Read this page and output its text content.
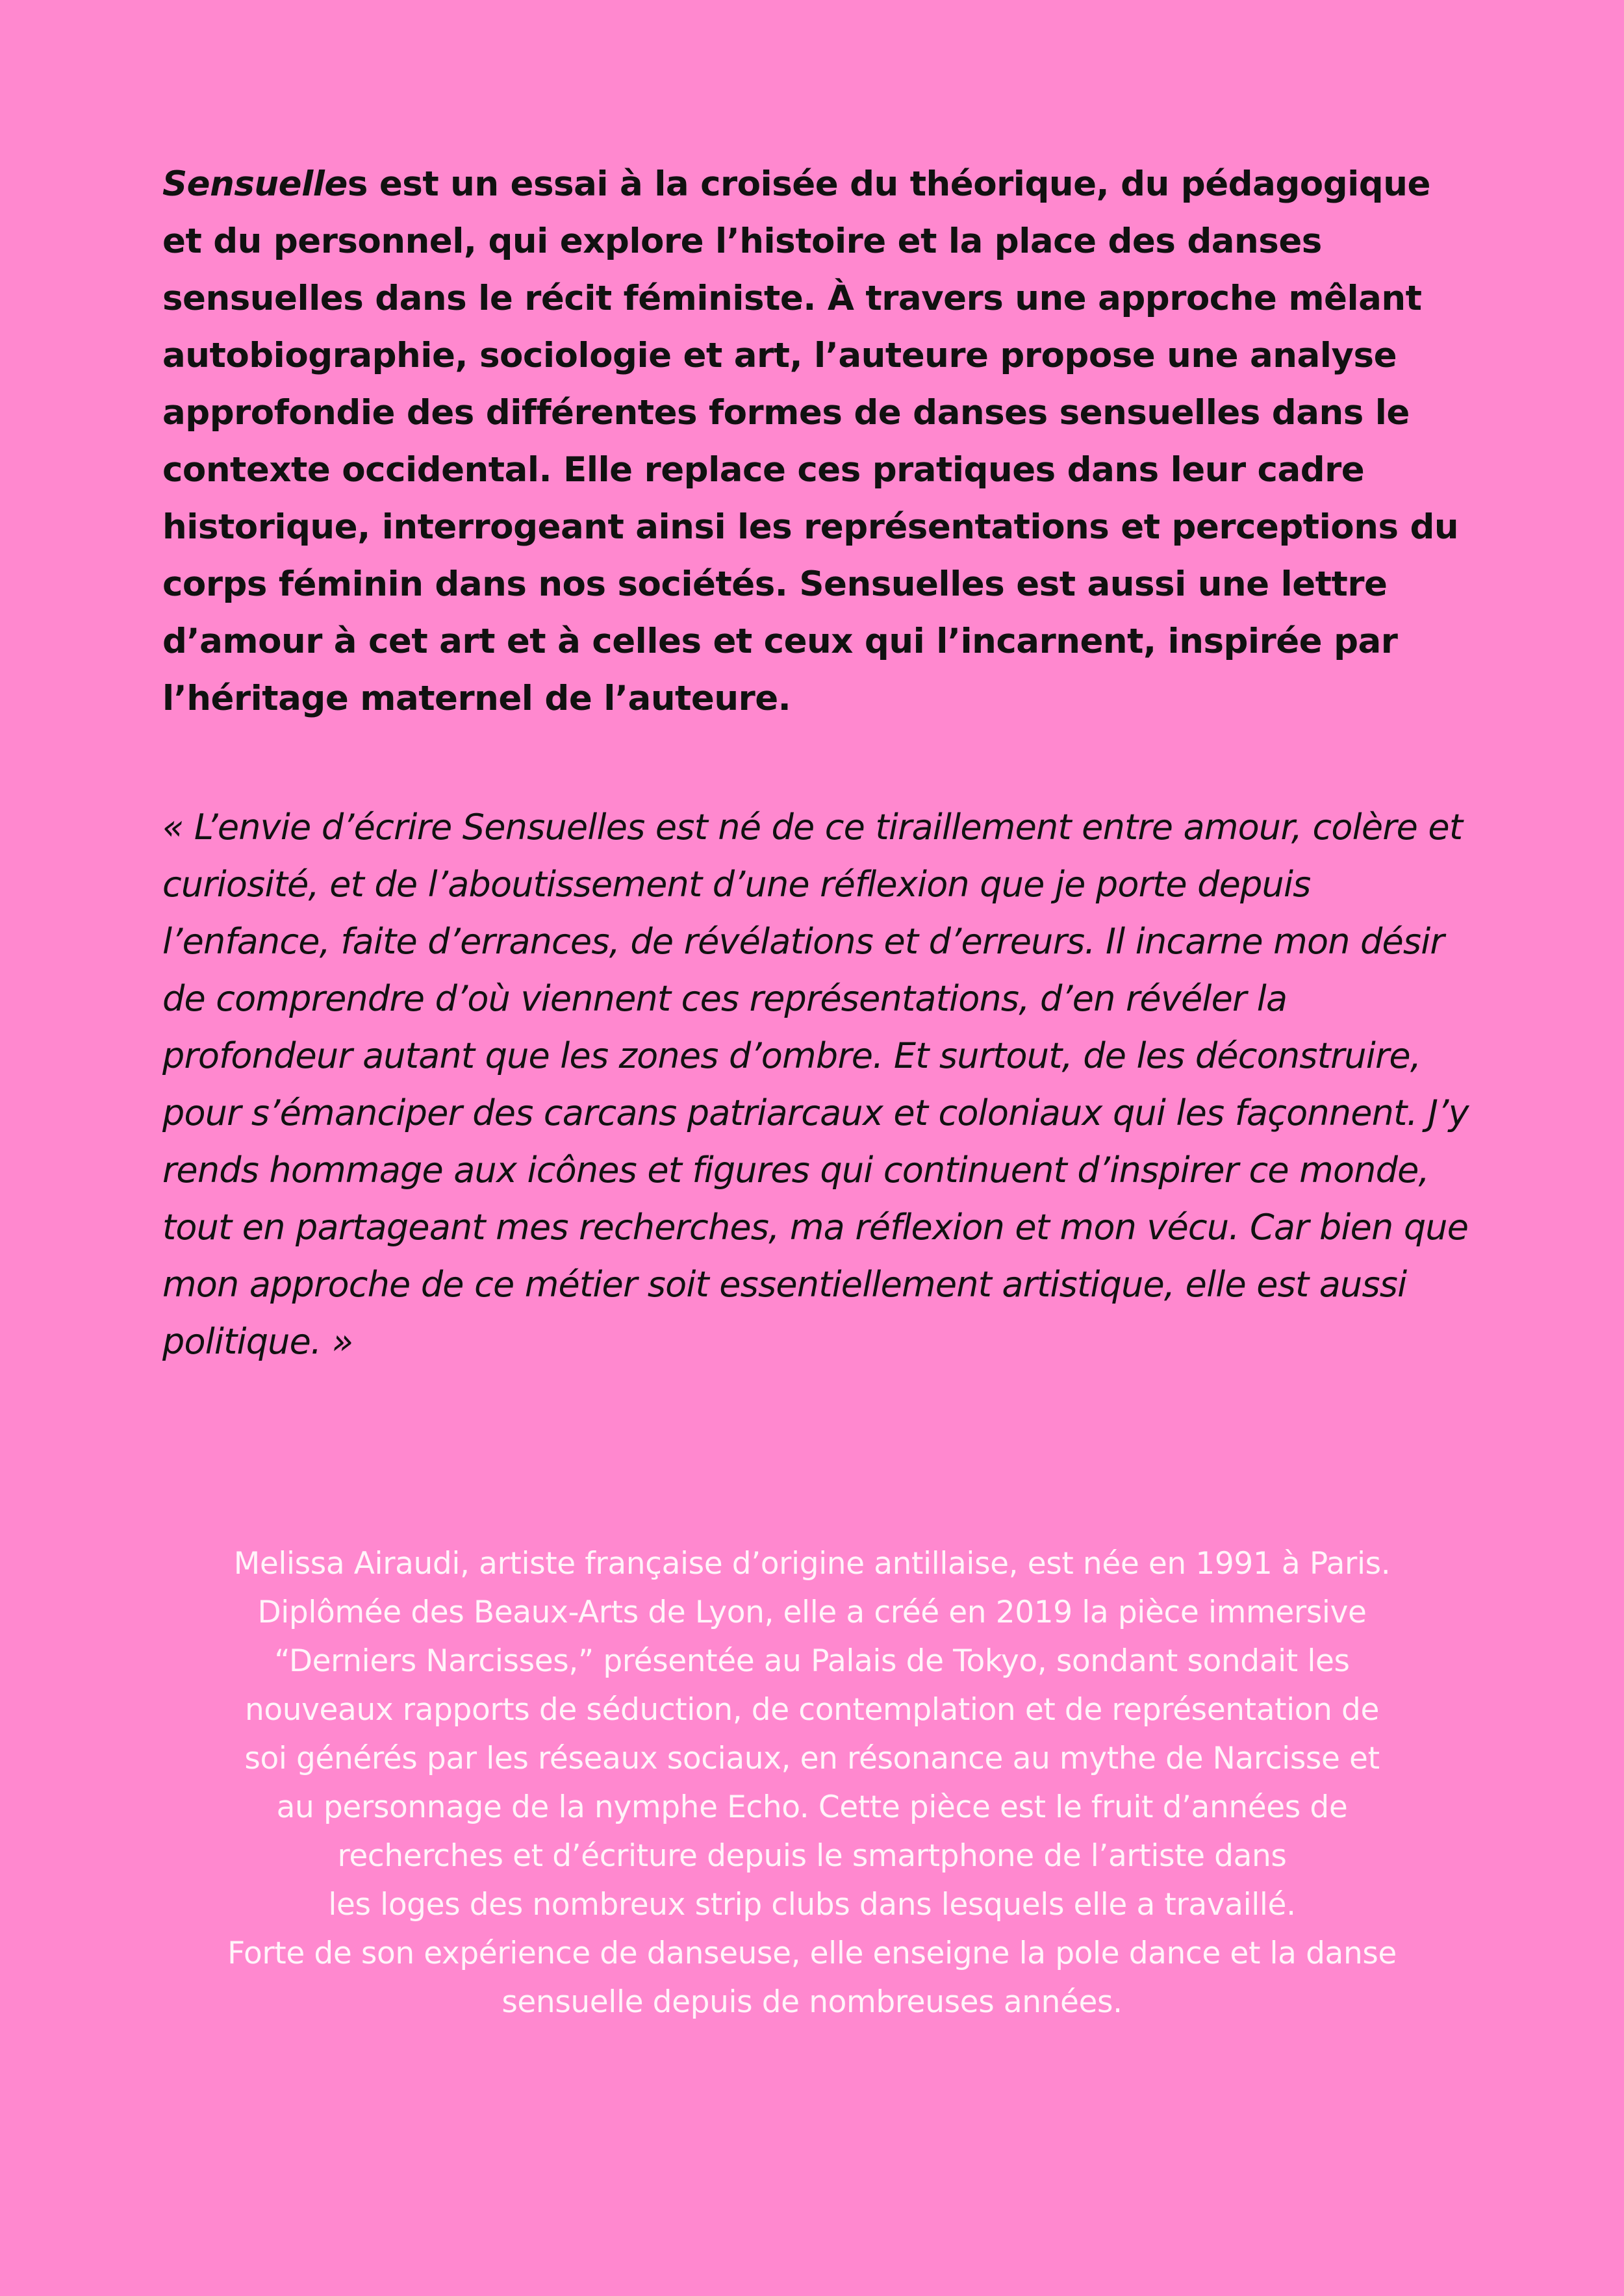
Sensuelles est un essai à la croisée du théorique, du pédagogique et du personnel, qui explore l’histoire et la place des danses sensuelles dans le récit féministe. À travers une approche mêlant autobiographie, sociologie et art, l’auteure propose une analyse approfondie des différentes formes de danses sensuelles dans le contexte occidental. Elle replace ces pratiques dans leur cadre historique, interrogeant ainsi les représentations et perceptions du corps féminin dans nos sociétés. Sensuelles est aussi une lettre d’amour à cet art et à celles et ceux qui l’incarnent, inspirée par l’héritage maternel de l’auteure.

« L’envie d’écrire Sensuelles est né de ce tiraillement entre amour, colère et curiosité, et de l’aboutissement d’une réflexion que je porte depuis l’enfance, faite d’errances, de révélations et d’erreurs. Il incarne mon désir de comprendre d’où viennent ces représentations, d’en révéler la profondeur autant que les zones d’ombre. Et surtout, de les déconstruire, pour s’émanciper des carcans patriarcaux et coloniaux qui les façonnent. J’y rends hommage aux icônes et figures qui continuent d’inspirer ce monde, tout en partageant mes recherches, ma réflexion et mon vécu. Car bien que mon approche de ce métier soit essentiellement artistique, elle est aussi politique. »

Melissa Airaudi, artiste française d’origine antillaise, est née en 1991 à Paris.
Diplômée des Beaux-Arts de Lyon, elle a créé en 2019 la pièce immersive
“Derniers Narcisses,” présentée au Palais de Tokyo, sondant sondait les
nouveaux rapports de séduction, de contemplation et de représentation de
soi générés par les réseaux sociaux, en résonance au mythe de Narcisse et
au personnage de la nymphe Echo. Cette pièce est le fruit d’années de
recherches et d’écriture depuis le smartphone de l’artiste dans
les loges des nombreux strip clubs dans lesquels elle a travaillé.
Forte de son expérience de danseuse, elle enseigne la pole dance et la danse
sensuelle depuis de nombreuses années.
